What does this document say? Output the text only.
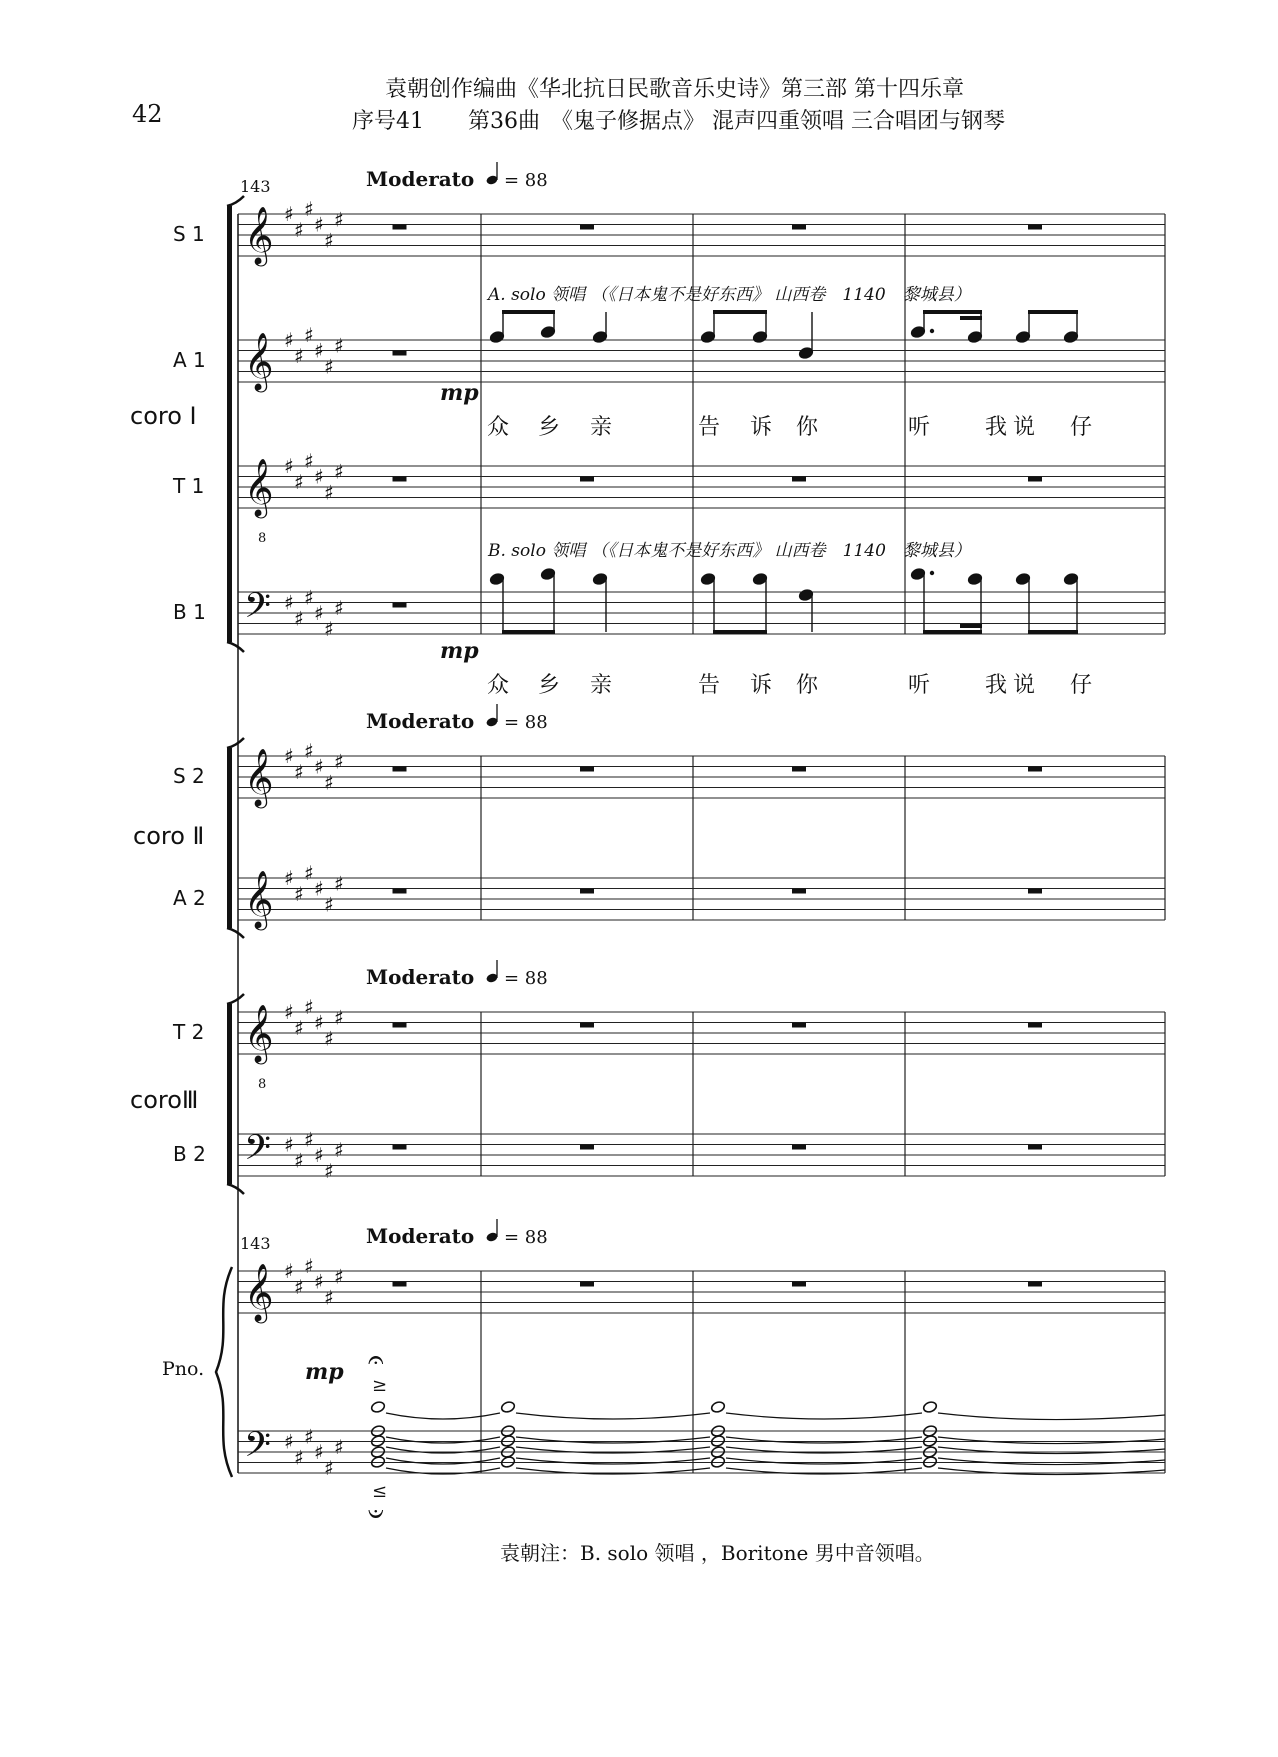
42
袁朝创作编曲《华北抗日民歌音乐史诗》第三部 第十四乐章
序号41　　第36曲　《鬼子修据点》 混声四重领唱 三合唱团与钢琴
𝄞
𝄞
𝄞
8
𝄢
𝄞
𝄞
𝄞
8
𝄢
𝄞
𝄢
♯
♯
♯
♯
♯
♯
♯
♯
♯
♯
♯
♯
♯
♯
♯
♯
♯
♯
♯
♯
♯
♯
♯
♯
♯
♯
♯
♯
♯
♯
♯
♯
♯
♯
♯
♯
♯
♯
♯
♯
♯
♯
♯
♯
♯
♯
♯
♯
♯
♯
♯
♯
♯
♯
♯
♯
♯
♯
♯
♯
A. solo 领唱 （《日本鬼不是好东西》 山西卷　1140　黎城县）
mp
众 乡 亲	告 诉 你	听 我 说 仔
B. solo 领唱 （《日本鬼不是好东西》 山西卷　1140　黎城县）
mp
众 乡 亲	告 诉 你	听 我 说 仔
𝄐
≥
𝄑
≤
mp
Moderato = 88
Moderato = 88
Moderato = 88
Moderato = 88
143
143
S 1
A 1
T 1
B 1
S 2
A 2
T 2
B 2
Pno.
coro Ⅰ
coro Ⅱ
coroⅢ
袁朝注：B. solo 领唱 ，Boritone 男中音领唱。
